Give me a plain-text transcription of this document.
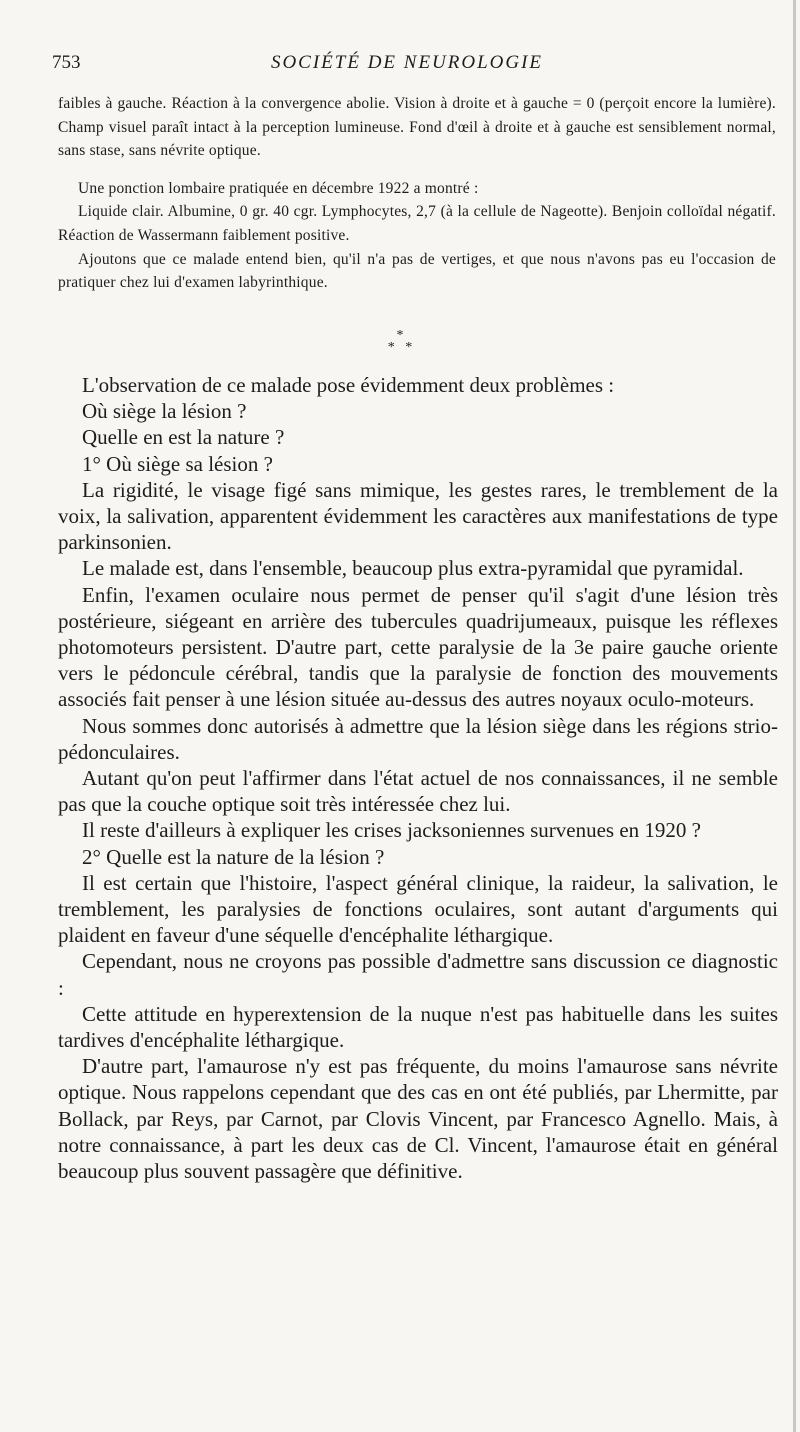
753	SOCIÉTÉ DE NEUROLOGIE

faibles à gauche. Réaction à la convergence abolie. Vision à droite et à gauche = 0 (perçoit encore la lumière). Champ visuel paraît intact à la perception lumineuse. Fond d'œil à droite et à gauche est sensiblement normal, sans stase, sans névrite optique.

Une ponction lombaire pratiquée en décembre 1922 a montré :

Liquide clair. Albumine, 0 gr. 40 cgr. Lymphocytes, 2,7 (à la cellule de Nageotte). Benjoin colloïdal négatif. Réaction de Wassermann faiblement positive.

Ajoutons que ce malade entend bien, qu'il n'a pas de vertiges, et que nous n'avons pas eu l'occasion de pratiquer chez lui d'examen labyrinthique.

*
*   *

L'observation de ce malade pose évidemment deux problèmes :

Où siège la lésion ?

Quelle en est la nature ?

1° Où siège sa lésion ?

La rigidité, le visage figé sans mimique, les gestes rares, le tremblement de la voix, la salivation, apparentent évidemment les caractères aux manifestations de type parkinsonien.

Le malade est, dans l'ensemble, beaucoup plus extra-pyramidal que pyramidal.

Enfin, l'examen oculaire nous permet de penser qu'il s'agit d'une lésion très postérieure, siégeant en arrière des tubercules quadrijumeaux, puisque les réflexes photomoteurs persistent. D'autre part, cette paralysie de la 3e paire gauche oriente vers le pédoncule cérébral, tandis que la paralysie de fonction des mouvements associés fait penser à une lésion située au-dessus des autres noyaux oculo-moteurs.

Nous sommes donc autorisés à admettre que la lésion siège dans les régions strio-pédonculaires.

Autant qu'on peut l'affirmer dans l'état actuel de nos connaissances, il ne semble pas que la couche optique soit très intéressée chez lui.

Il reste d'ailleurs à expliquer les crises jacksoniennes survenues en 1920 ?

2° Quelle est la nature de la lésion ?

Il est certain que l'histoire, l'aspect général clinique, la raideur, la salivation, le tremblement, les paralysies de fonctions oculaires, sont autant d'arguments qui plaident en faveur d'une séquelle d'encéphalite léthargique.

Cependant, nous ne croyons pas possible d'admettre sans discussion ce diagnostic :

Cette attitude en hyperextension de la nuque n'est pas habituelle dans les suites tardives d'encéphalite léthargique.

D'autre part, l'amaurose n'y est pas fréquente, du moins l'amaurose sans névrite optique. Nous rappelons cependant que des cas en ont été publiés, par Lhermitte, par Bollack, par Reys, par Carnot, par Clovis Vincent, par Francesco Agnello. Mais, à notre connaissance, à part les deux cas de Cl. Vincent, l'amaurose était en général beaucoup plus souvent passagère que définitive.
